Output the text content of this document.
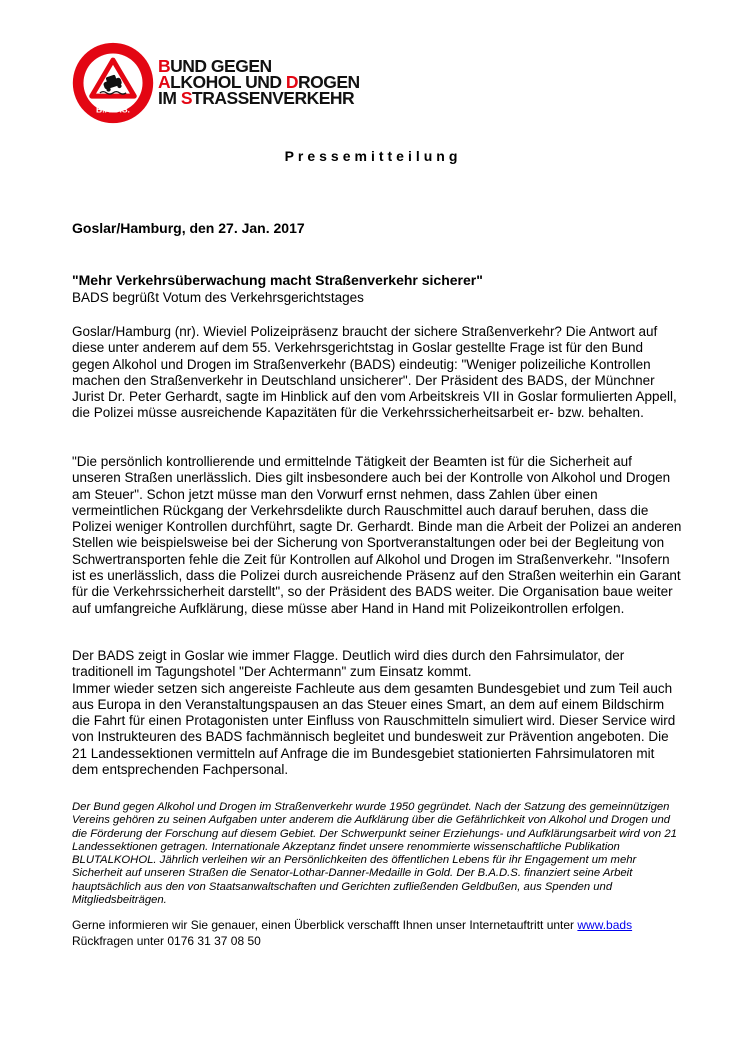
B.A.D.S.
BUND GEGEN
ALKOHOL UND DROGEN
IM STRASSENVERKEHR
Pressemitteilung
Goslar/Hamburg, den 27. Jan. 2017
"Mehr Verkehrsüberwachung macht Straßenverkehr sicherer"
BADS begrüßt Votum des Verkehrsgerichtstages
Goslar/Hamburg (nr). Wieviel Polizeipräsenz braucht der sichere Straßenverkehr? Die Antwort auf diese unter anderem auf dem 55. Verkehrsgerichtstag in Goslar gestellte Frage ist für den Bund gegen Alkohol und Drogen im Straßenverkehr (BADS) eindeutig: "Weniger polizeiliche Kontrollen machen den Straßenverkehr in Deutschland unsicherer". Der Präsident des BADS, der Münchner Jurist Dr. Peter Gerhardt, sagte im Hinblick auf den vom Arbeitskreis VII in Goslar formulierten Appell, die Polizei müsse ausreichende Kapazitäten für die Verkehrssicherheitsarbeit er- bzw. behalten.
"Die persönlich kontrollierende und ermittelnde Tätigkeit der Beamten ist für die Sicherheit auf unseren Straßen unerlässlich. Dies gilt insbesondere auch bei der Kontrolle von Alkohol und Drogen am Steuer". Schon jetzt müsse man den Vorwurf ernst nehmen, dass Zahlen über einen vermeintlichen Rückgang der Verkehrsdelikte durch Rauschmittel auch darauf beruhen, dass die Polizei weniger Kontrollen durchführt, sagte Dr. Gerhardt. Binde man die Arbeit der Polizei an anderen Stellen wie beispielsweise bei der Sicherung von Sportveranstaltungen oder bei der Begleitung von Schwertransporten fehle die Zeit für Kontrollen auf Alkohol und Drogen im Straßenverkehr. "Insofern ist es unerlässlich, dass die Polizei durch ausreichende Präsenz auf den Straßen weiterhin ein Garant für die Verkehrssicherheit darstellt", so der Präsident des BADS weiter. Die Organisation baue weiter auf umfangreiche Aufklärung, diese müsse aber Hand in Hand mit Polizeikontrollen erfolgen.
Der BADS zeigt in Goslar wie immer Flagge. Deutlich wird dies durch den Fahrsimulator, der traditionell im Tagungshotel "Der Achtermann" zum Einsatz kommt.
Immer wieder setzen sich angereiste Fachleute aus dem gesamten Bundesgebiet und zum Teil auch aus Europa in den Veranstaltungspausen an das Steuer eines Smart, an dem auf einem Bildschirm die Fahrt für einen Protagonisten unter Einfluss von Rauschmitteln simuliert wird. Dieser Service wird von Instrukteuren des BADS fachmännisch begleitet und bundesweit zur Prävention angeboten. Die 21 Landessektionen vermitteln auf Anfrage die im Bundesgebiet stationierten Fahrsimulatoren mit dem entsprechenden Fachpersonal.
Der Bund gegen Alkohol und Drogen im Straßenverkehr wurde 1950 gegründet. Nach der Satzung des gemeinnützigen Vereins gehören zu seinen Aufgaben unter anderem die Aufklärung über die Gefährlichkeit von Alkohol und Drogen und die Förderung der Forschung auf diesem Gebiet. Der Schwerpunkt seiner Erziehungs- und Aufklärungsarbeit wird von 21 Landessektionen getragen. Internationale Akzeptanz findet unsere renommierte wissenschaftliche Publikation BLUTALKOHOL. Jährlich verleihen wir an Persönlichkeiten des öffentlichen Lebens für ihr Engagement um mehr Sicherheit auf unseren Straßen die Senator-Lothar-Danner-Medaille in Gold. Der B.A.D.S. finanziert seine Arbeit hauptsächlich aus den von Staatsanwaltschaften und Gerichten zufließenden Geldbußen, aus Spenden und Mitgliedsbeiträgen.
Gerne informieren wir Sie genauer, einen Überblick verschafft Ihnen unser Internetauftritt unter www.bads
Rückfragen unter 0176 31 37 08 50
